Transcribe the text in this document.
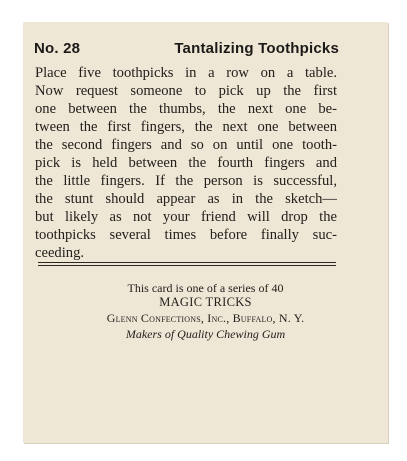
No. 28	Tantalizing Toothpicks
Place five toothpicks in a row on a table.
Now request someone to pick up the first
one between the thumbs, the next one be-
tween the first fingers, the next one between
the second fingers and so on until one tooth-
pick is held between the fourth fingers and
the little fingers. If the person is successful,
the stunt should appear as in the sketch—
but likely as not your friend will drop the
toothpicks several times before finally suc-
ceeding.
This card is one of a series of 40
MAGIC TRICKS
Glenn Confections, Inc., Buffalo, N. Y.
Makers of Quality Chewing Gum
